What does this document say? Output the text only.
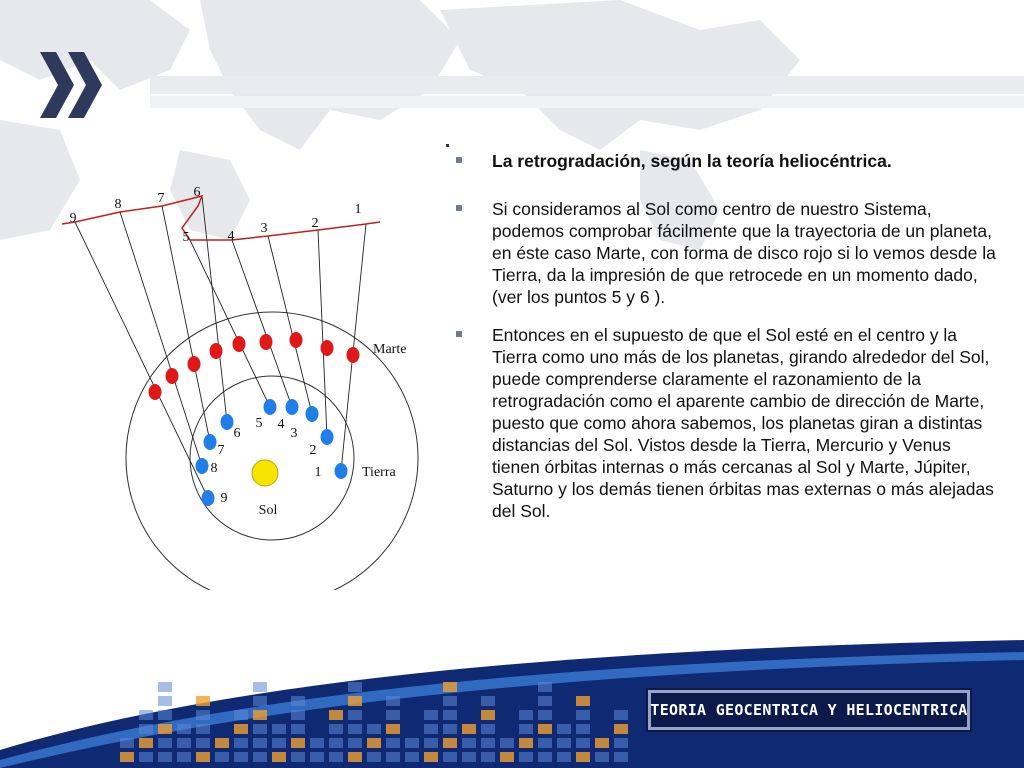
1
2
3
4
5
6
7
8
9
1
2
3
4
5
6
7
8
9
Sol
Marte
Tierra
La retrogradación, según la teoría heliocéntrica.
Si consideramos al Sol como centro de nuestro Sistema, podemos comprobar fácilmente que la trayectoria de un planeta, en éste caso Marte, con forma de disco rojo si lo vemos desde la Tierra, da la impresión de que retrocede en un momento dado, (ver los puntos 5 y 6 ).
Entonces en el supuesto de que el Sol esté en el centro y la Tierra como uno más de los planetas, girando alrededor del Sol, puede comprenderse claramente el razonamiento de la retrogradación como el aparente cambio de dirección de Marte, puesto que como ahora sabemos, los planetas giran a distintas distancias del Sol. Vistos desde la Tierra, Mercurio y Venus tienen órbitas internas o más cercanas al Sol y Marte, Júpiter, Saturno y los demás tienen órbitas mas externas o más alejadas del Sol.
TEORIA GEOCENTRICA Y HELIOCENTRICA
